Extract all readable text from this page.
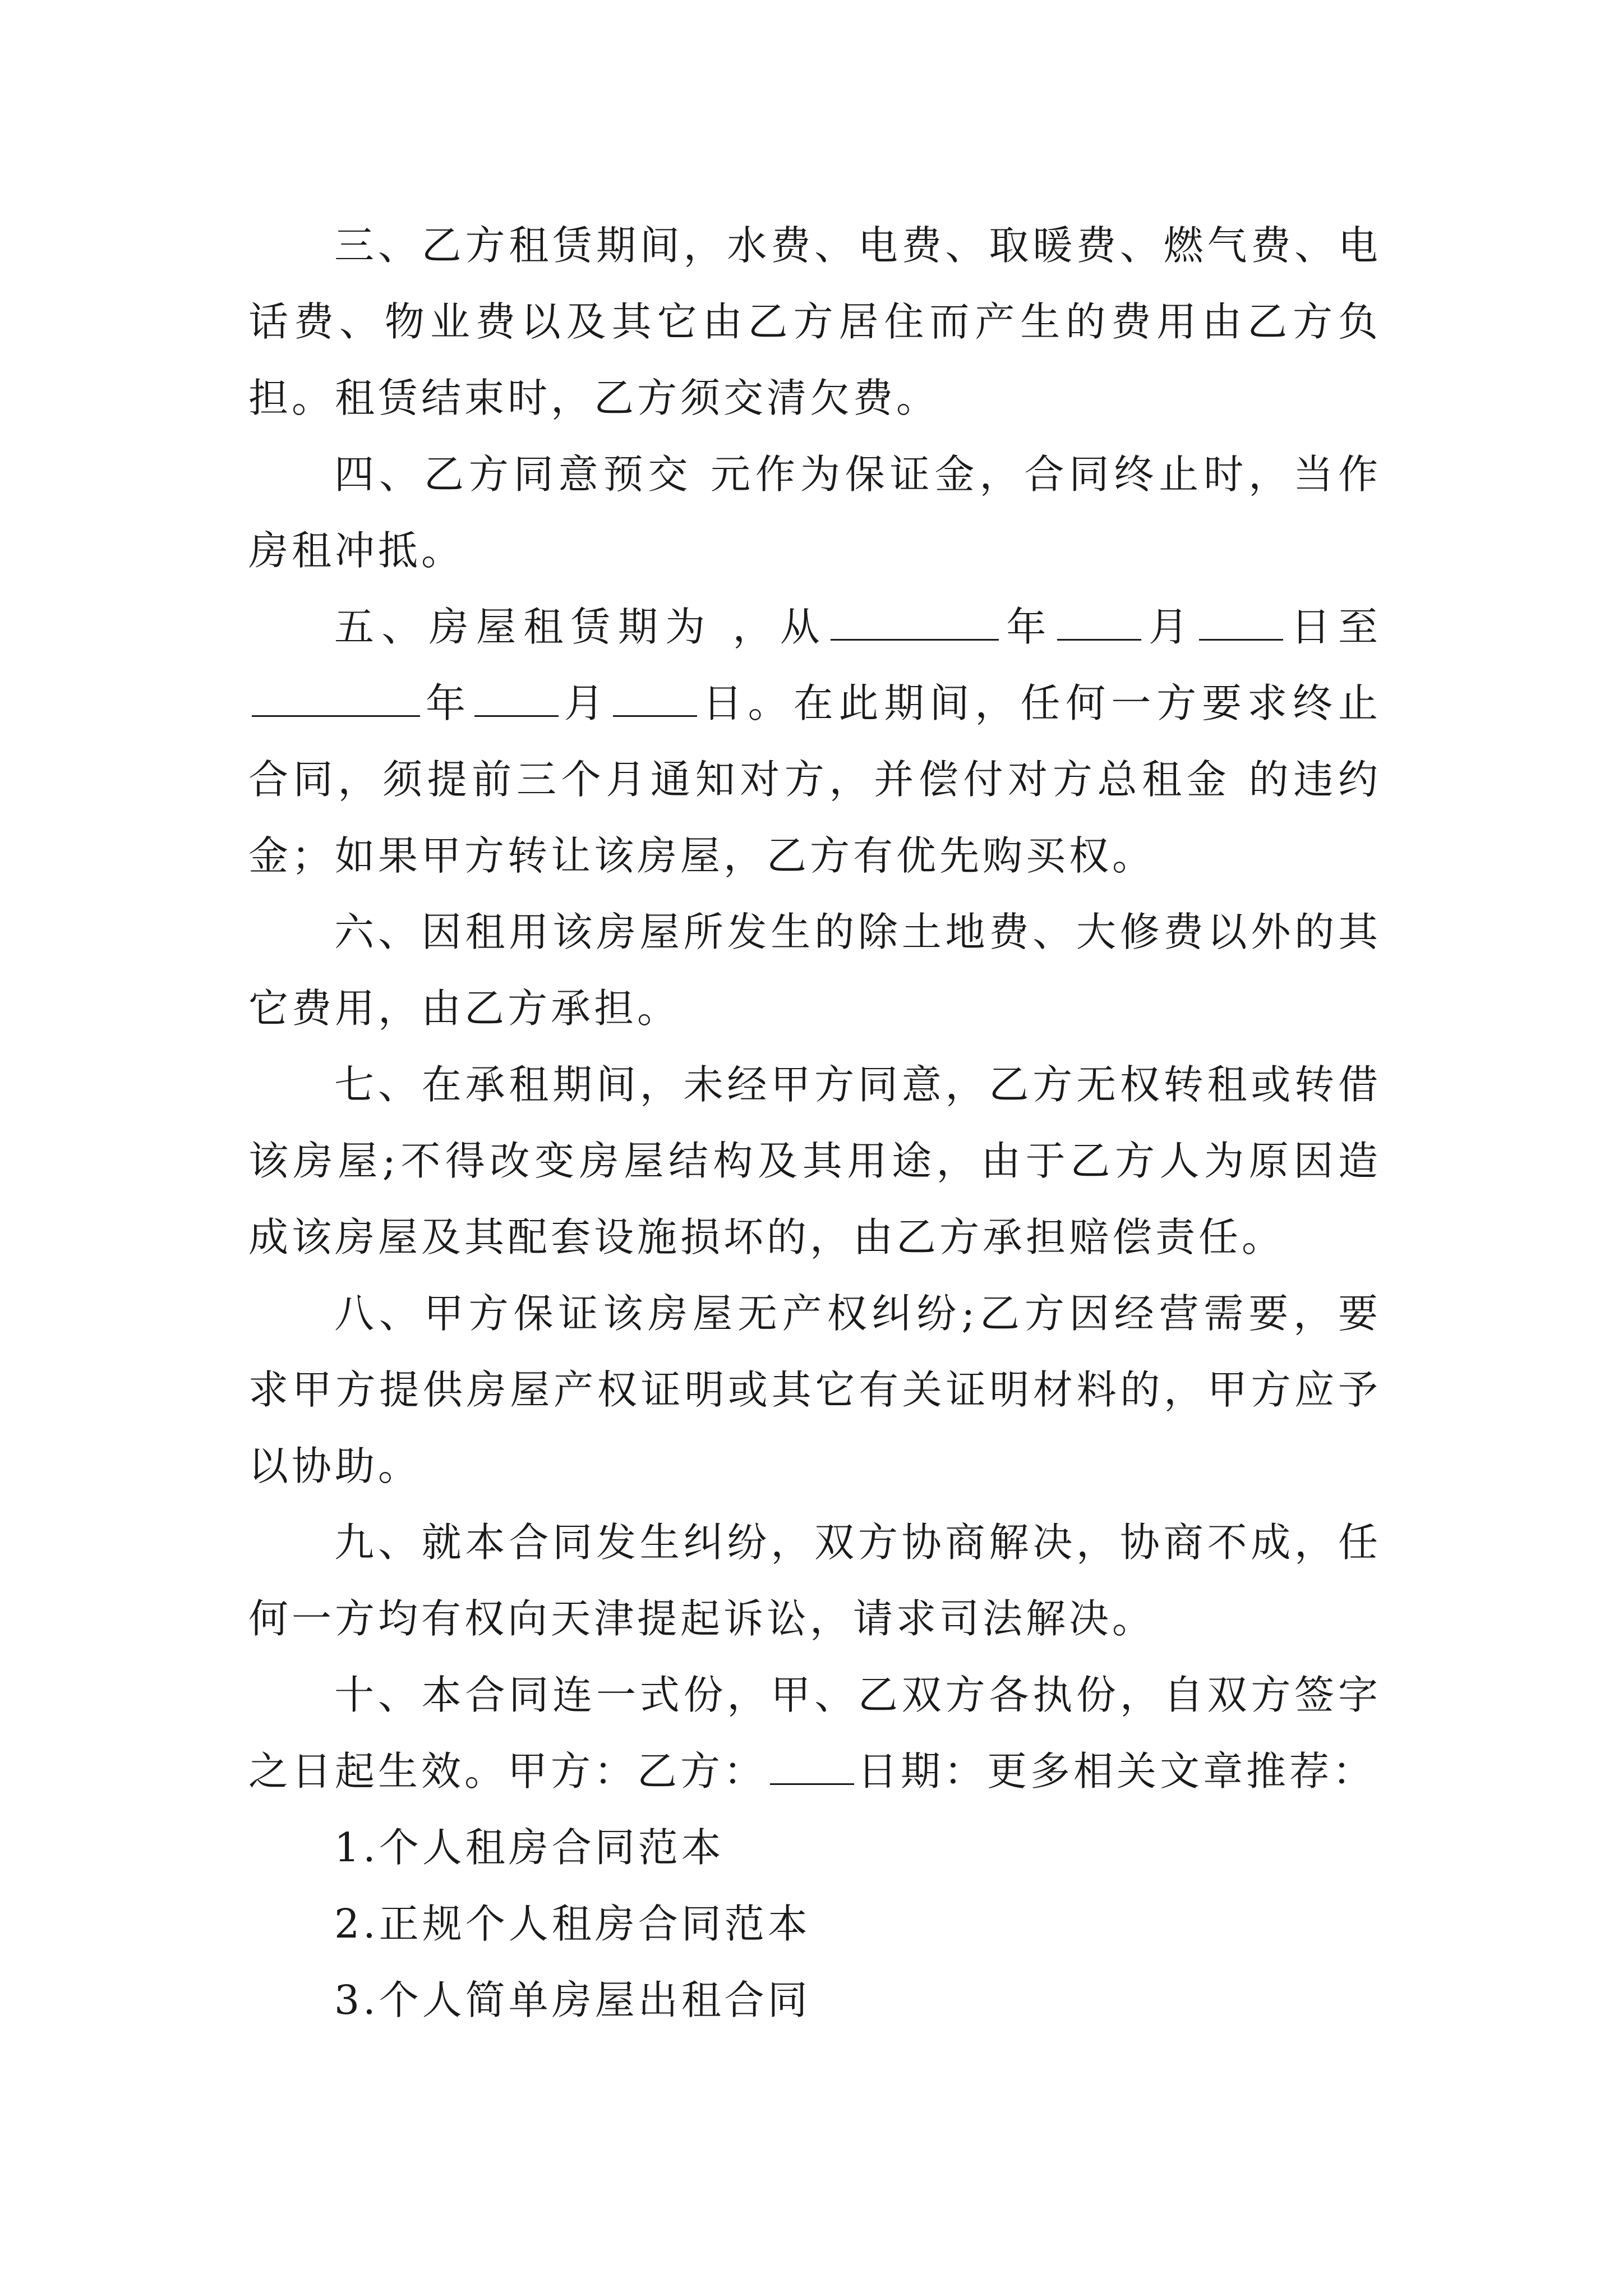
三、乙方租赁期间，水费、电费、取暖费、燃气费、电话费、物业费以及其它由乙方居住而产生的费用由乙方负担。租赁结束时，乙方须交清欠费。

四、乙方同意预交 元作为保证金，合同终止时，当作房租冲抵。

五、房屋租赁期为 ，从	年 月 日至年 月 日。在此期间，任何一方要求终止合同，须提前三个月通知对方，并偿付对方总租金 的违约金；如果甲方转让该房屋，乙方有优先购买权。

六、因租用该房屋所发生的除土地费、大修费以外的其它费用，由乙方承担。

七、在承租期间，未经甲方同意，乙方无权转租或转借该房屋;不得改变房屋结构及其用途，由于乙方人为原因造成该房屋及其配套设施损坏的，由乙方承担赔偿责任。

八、甲方保证该房屋无产权纠纷;乙方因经营需要，要求甲方提供房屋产权证明或其它有关证明材料的，甲方应予以协助。

九、就本合同发生纠纷，双方协商解决，协商不成，任何一方均有权向天津提起诉讼，请求司法解决。

十、本合同连一式份，甲、乙双方各执份，自双方签字之日起生效。甲方：乙方： 日期：更多相关文章推荐：

1.个人租房合同范本
2.正规个人租房合同范本
3.个人简单房屋出租合同
